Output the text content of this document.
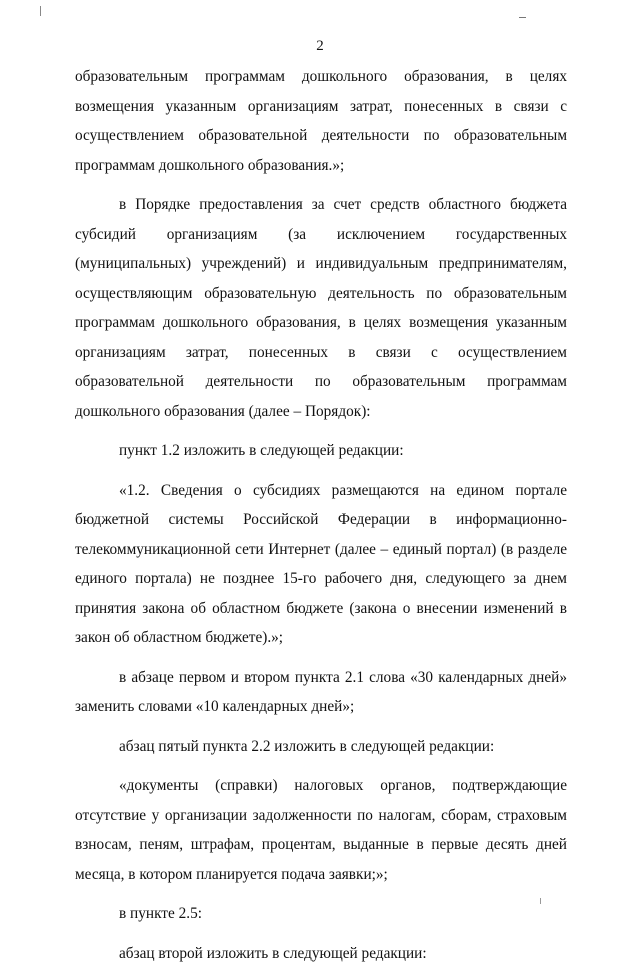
2

образовательным программам дошкольного образования, в целях возмещения указанным организациям затрат, понесенных в связи с осуществлением образовательной деятельности по образовательным программам дошкольного образования.»;

в Порядке предоставления за счет средств областного бюджета субсидий организациям (за исключением государственных (муниципальных) учреждений) и индивидуальным предпринимателям, осуществляющим образовательную деятельность по образовательным программам дошкольного образования, в целях возмещения указанным организациям затрат, понесенных в связи с осуществлением образовательной деятельности по образовательным программам дошкольного образования (далее – Порядок):

пункт 1.2 изложить в следующей редакции:

«1.2. Сведения о субсидиях размещаются на едином портале бюджетной системы Российской Федерации в информационно-телекоммуникационной сети Интернет (далее – единый портал) (в разделе единого портала) не позднее 15-го рабочего дня, следующего за днем принятия закона об областном бюджете (закона о внесении изменений в закон об областном бюджете).»;

в абзаце первом и втором пункта 2.1 слова «30 календарных дней» заменить словами «10 календарных дней»;

абзац пятый пункта 2.2 изложить в следующей редакции:

«документы (справки) налоговых органов, подтверждающие отсутствие у организации задолженности по налогам, сборам, страховым взносам, пеням, штрафам, процентам, выданные в первые десять дней месяца, в котором планируется подача заявки;»;

в пункте 2.5:

абзац второй изложить в следующей редакции:
